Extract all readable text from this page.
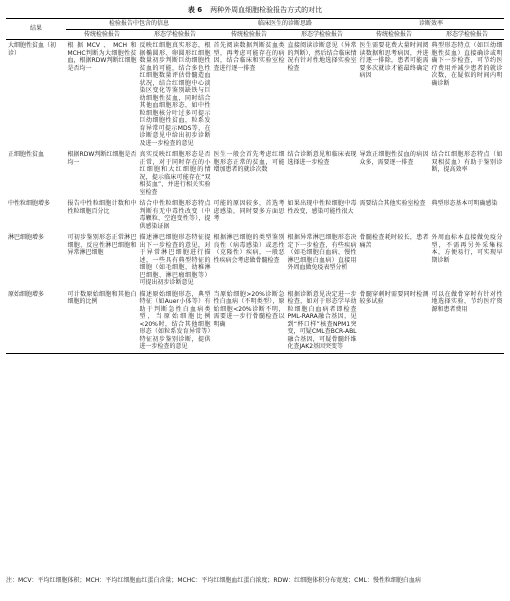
表 6 两种外周血细胞检验报告方式的对比
结果	检验报告中包含的信息		临床医生的诊断思路		诊断效率	
	传统检验报告	形态学检验报告	传统检验报告	形态学检验报告	传统检验报告	形态学检验报告
大细胞性贫血（初诊）	根据MCV、MCH和MCHC判断为大细胞性贫血，根据RDW判断红细胞是否均一	反映红细胞真实形态，根据椭圆形、卵圆形红细胞数量初步判断巨幼细胞性贫血的可能，结合多色性红细胞数量评估骨髓造血状况，结合红细胞中心淡染区变化等鉴别缺铁与巨幼细胞性贫血，同时结合其他血细胞形态，如中性粒细胞核分叶过多可提示巨幼细胞性贫血，粒系发育异常可提示MDS等，在诊断意见中给出初步诊断及进一步检查的意见	首先阅读数据判断贫血类型，再考虑可能存在的病因，结合临床和实验室检查进行逐一排查	直接阅读诊断意见（异常的判断），然后结合临床情况有针对性地选择实验室检查	医生需要花费大量时间阅读数据和思考病因，并进行逐一排除，患者可能需要多次就诊才能最终确定病因	典型形态特点（如巨幼细胞性贫血）直接确诊或明确下一步检查，可节约医疗费用并减少患者的就诊次数，在疑似的时间内明确诊断
正细胞性贫血	根据RDW判断红细胞是否均一	真实反映红细胞形态是否正常，对于同时存在的小红细胞和大红细胞的情况，提示临床可能存在“双相贫血”，并进行相关实验室检查	医生一般会首先考虑红细胞形态正常的贫血，可能增加患者的就诊次数	结合诊断意见和临床表现选择进一步检查	导致正细胞性贫血的病因众多，需要逐一排查	结合红细胞形态特点（如双相贫血）有助于鉴别诊断，提高效率
中性粒细胞增多	报告中性粒细胞计数和中性粒细胞百分比	结合中性粒细胞形态特点判断有无中毒性改变（中毒颗粒、空泡变性等），提供感染证据	可能的原因较多，首选考虑感染，同时要多方面思考	如果出现中性粒细胞中毒性改变，感染可能性很大	需要结合其他实验室检查	典型形态基本可明确感染
淋巴细胞增多	可初步鉴别形态正常淋巴细胞、反应性淋巴细胞和异常淋巴细胞	描述淋巴细胞形态特征提出下一步检查的意见，对于异常淋巴细胞进行描述，一些具有典型特征的细胞（如毛细胞、幼稚淋巴细胞、淋巴瘤细胞等）可提出初步诊断意见	根据淋巴细胞的类型鉴别良性（病毒感染）或恶性（克隆性）疾病，一般恶性疾病会考虑做骨髓检查	根据异常淋巴细胞形态决定下一步检查，有些疾病（如毛细胞白血病、慢性淋巴细胞白血病）直接用外周血做免疫表型分析	骨髓检查耗时较长，患者痛苦	外周血标本直接做免疫分型，不需再另外采集标本，方便易行，可实现早期诊断
原始细胞增多	可计数原始细胞和其他白细胞的比例	描述原始细胞形态，典型特征（如Auer小体等）有助于判断急性白血病类型，当原始细胞比例<20%时，结合其他细胞形态（如粒系发育异常等）特征初步鉴别诊断，提供进一步检查的意见	当原始细胞>20%诊断急性白血病（不明类型），原始细胞<20%诊断不明，需要进一步行骨髓检查以明确	根据诊断意见决定进一步检查，如对于形态学早幼粒细胞白血病者即检查PML-RARA融合基因，见到“杯口样”核查NPM1突变，可疑CML查BCR-ABL融合基因，可疑骨髓纤维化查JAK2基因突变等	骨髓穿刺时需要同时检测较多试验	可以在做骨穿时有针对性地选择实验，节约医疗资源和患者费用
注：MCV：平均红细胞体积；MCH：平均红细胞血红蛋白含量；MCHC：平均红细胞血红蛋白浓度；RDW：红细胞体积分布宽度；CML：慢性粒细胞白血病
